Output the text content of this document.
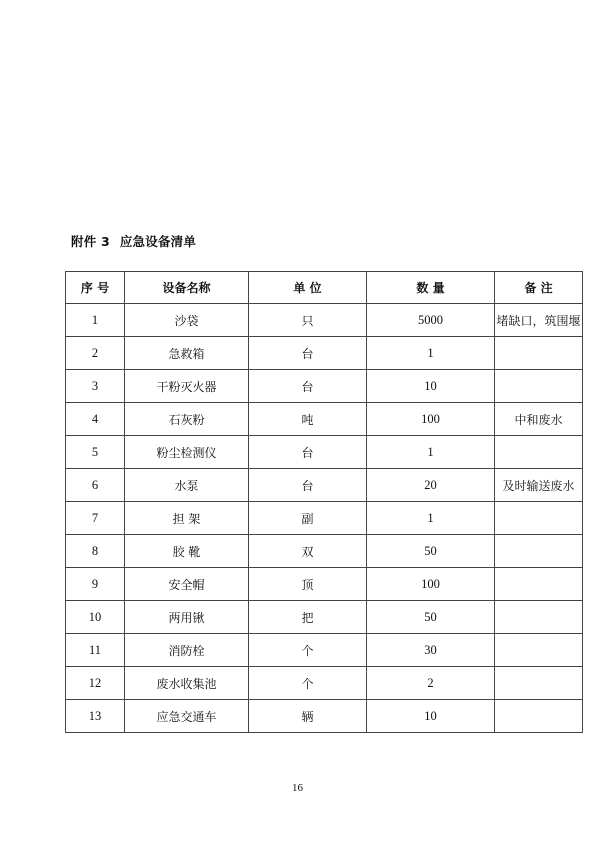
附件 3 应急设备清单
序 号	设备名称	单 位	数 量	备 注
1	沙袋	只	5000	堵缺口，筑围堰
2	急救箱	台	1	
3	干粉灭火器	台	10	
4	石灰粉	吨	100	中和废水
5	粉尘检测仪	台	1	
6	水泵	台	20	及时输送废水
7	担 架	副	1	
8	胶 靴	双	50	
9	安全帽	顶	100	
10	两用锹	把	50	
11	消防栓	个	30	
12	废水收集池	个	2	
13	应急交通车	辆	10	
16
